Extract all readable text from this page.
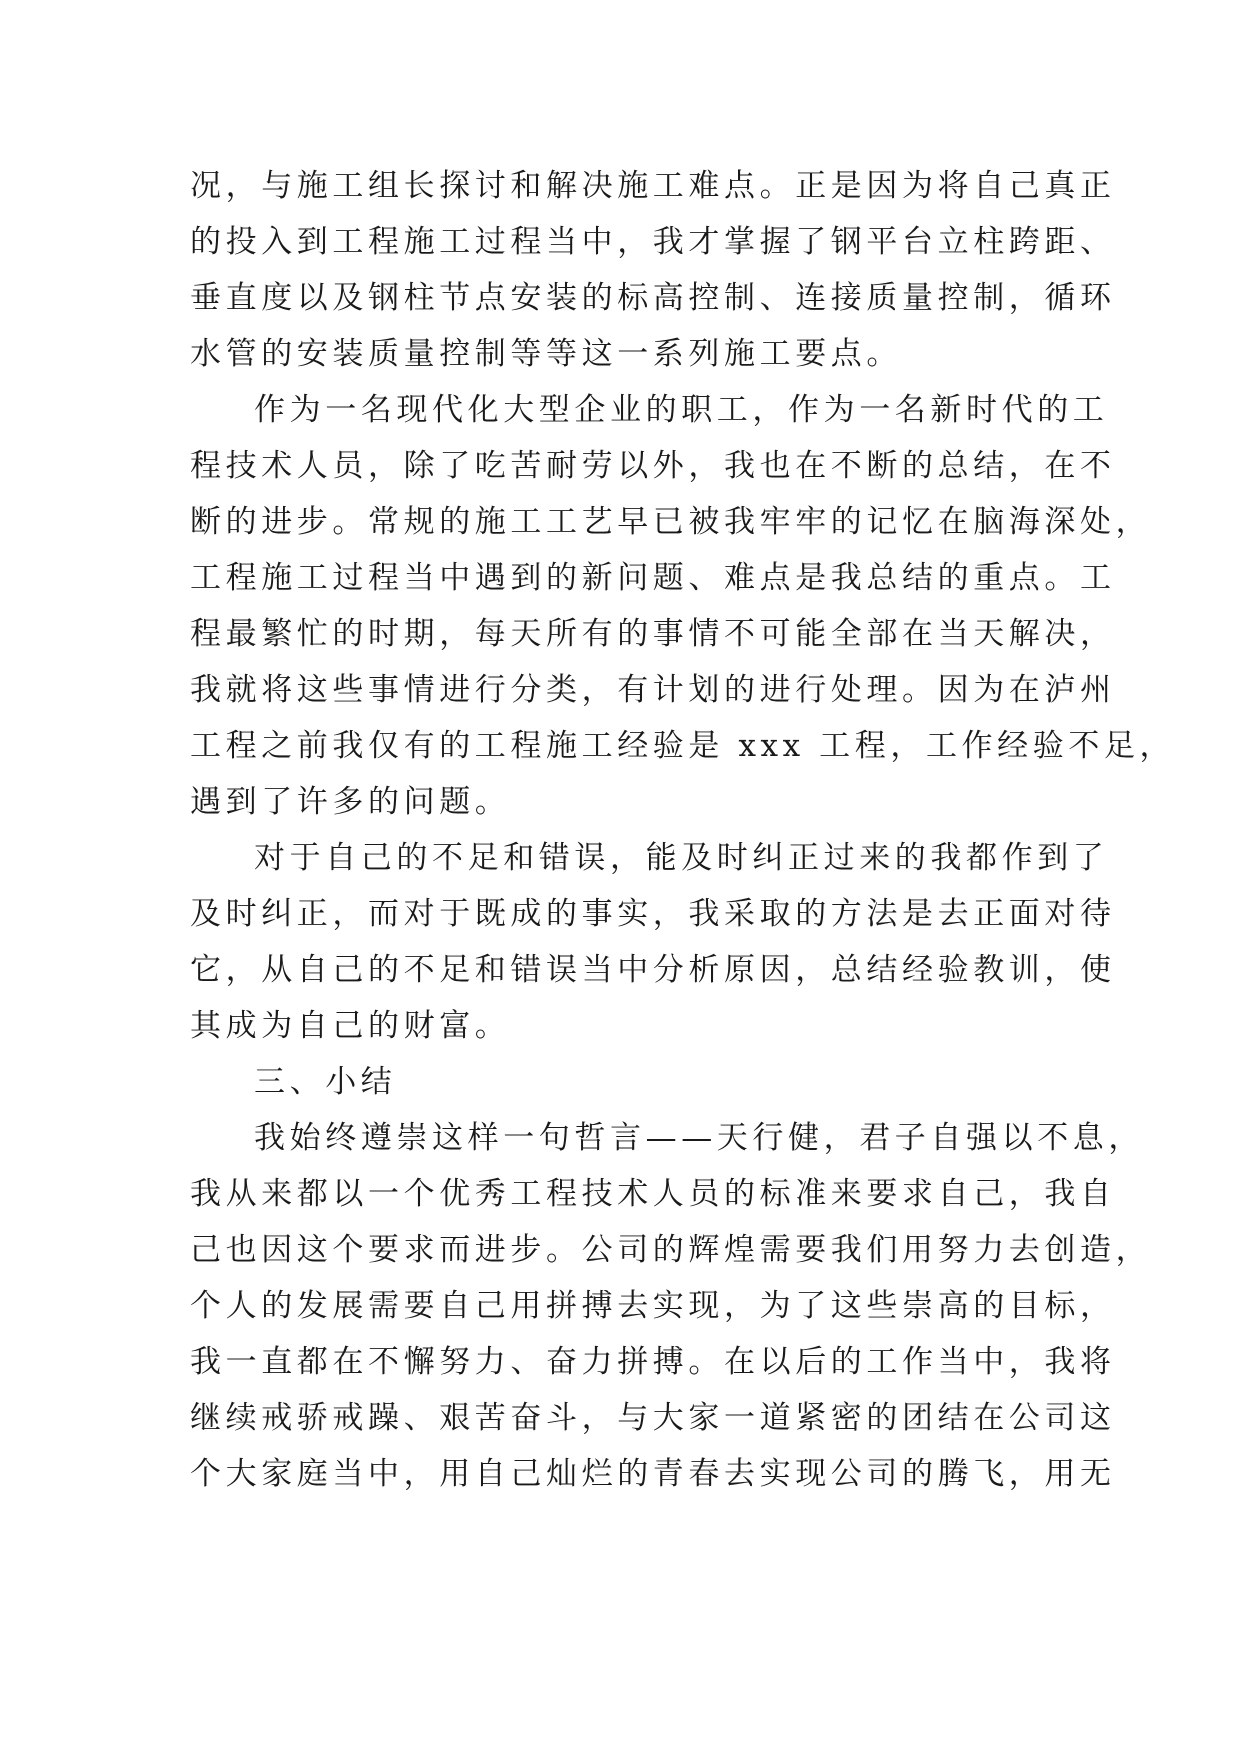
况，与施工组长探讨和解决施工难点。正是因为将自己真正
的投入到工程施工过程当中，我才掌握了钢平台立柱跨距、
垂直度以及钢柱节点安装的标高控制、连接质量控制，循环
水管的安装质量控制等等这一系列施工要点。
作为一名现代化大型企业的职工，作为一名新时代的工
程技术人员，除了吃苦耐劳以外，我也在不断的总结，在不
断的进步。常规的施工工艺早已被我牢牢的记忆在脑海深处，
工程施工过程当中遇到的新问题、难点是我总结的重点。工
程最繁忙的时期，每天所有的事情不可能全部在当天解决，
我就将这些事情进行分类，有计划的进行处理。因为在泸州
工程之前我仅有的工程施工经验是 xxx 工程，工作经验不足，
遇到了许多的问题。
对于自己的不足和错误，能及时纠正过来的我都作到了
及时纠正，而对于既成的事实，我采取的方法是去正面对待
它，从自己的不足和错误当中分析原因，总结经验教训，使
其成为自己的财富。
三、小结
我始终遵崇这样一句哲言——天行健，君子自强以不息，
我从来都以一个优秀工程技术人员的标准来要求自己，我自
己也因这个要求而进步。公司的辉煌需要我们用努力去创造，
个人的发展需要自己用拼搏去实现，为了这些崇高的目标，
我一直都在不懈努力、奋力拼搏。在以后的工作当中，我将
继续戒骄戒躁、艰苦奋斗，与大家一道紧密的团结在公司这
个大家庭当中，用自己灿烂的青春去实现公司的腾飞，用无
